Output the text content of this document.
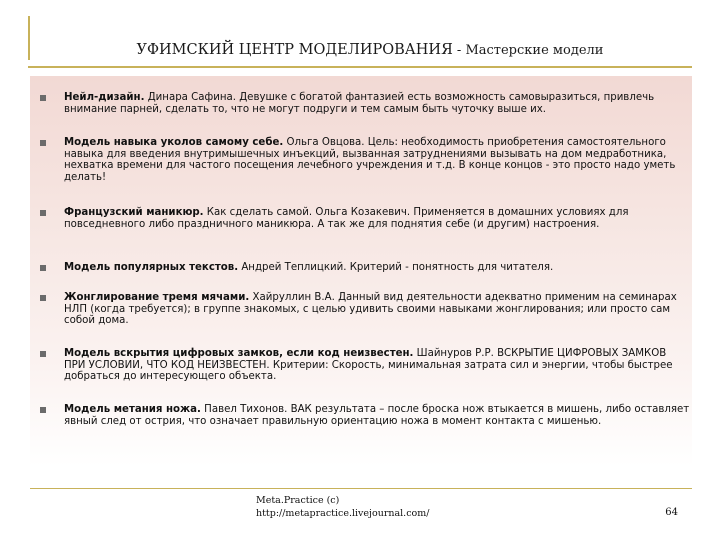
УФИМСКИЙ ЦЕНТР МОДЕЛИРОВАНИЯ - Мастерские модели
Нейл-дизайн. Динара Сафина. Девушке с богатой фантазией есть возможность самовыразиться, привлечь внимание парней, сделать то, что не могут подруги и тем самым быть чуточку выше их.
Модель навыка уколов самому себе. Ольга Овцова. Цель: необходимость приобретения самостоятельного навыка для введения внутримышечных инъекций, вызванная затруднениями вызывать на дом медработника, нехватка времени для частого посещения лечебного учреждения и т.д. В конце концов - это просто надо уметь делать!
Французский маникюр. Как сделать самой. Ольга Козакевич. Применяется в домашних условиях для повседневного либо праздничного маникюра. А так же для поднятия себе (и другим) настроения.
Модель популярных текстов. Андрей Теплицкий. Критерий - понятность для читателя.
Жонглирование тремя мячами. Хайруллин В.А. Данный вид деятельности адекватно применим на семинарах НЛП (когда требуется); в группе знакомых, с целью удивить своими навыками жонглирования; или просто сам собой дома.
Модель вскрытия цифровых замков, если код неизвестен. Шайнуров Р.Р. ВСКРЫТИЕ ЦИФРОВЫХ ЗАМКОВ ПРИ УСЛОВИИ, ЧТО КОД НЕИЗВЕСТЕН. Критерии: Скорость, минимальная затрата сил и энергии, чтобы быстрее добраться до интересующего объекта.
Модель метания ножа. Павел Тихонов. ВАК результата – после броска нож втыкается в мишень, либо оставляет явный след от острия, что означает правильную ориентацию ножа в момент контакта с мишенью.
Meta.Practice (c)
http://metapractice.livejournal.com/	64
